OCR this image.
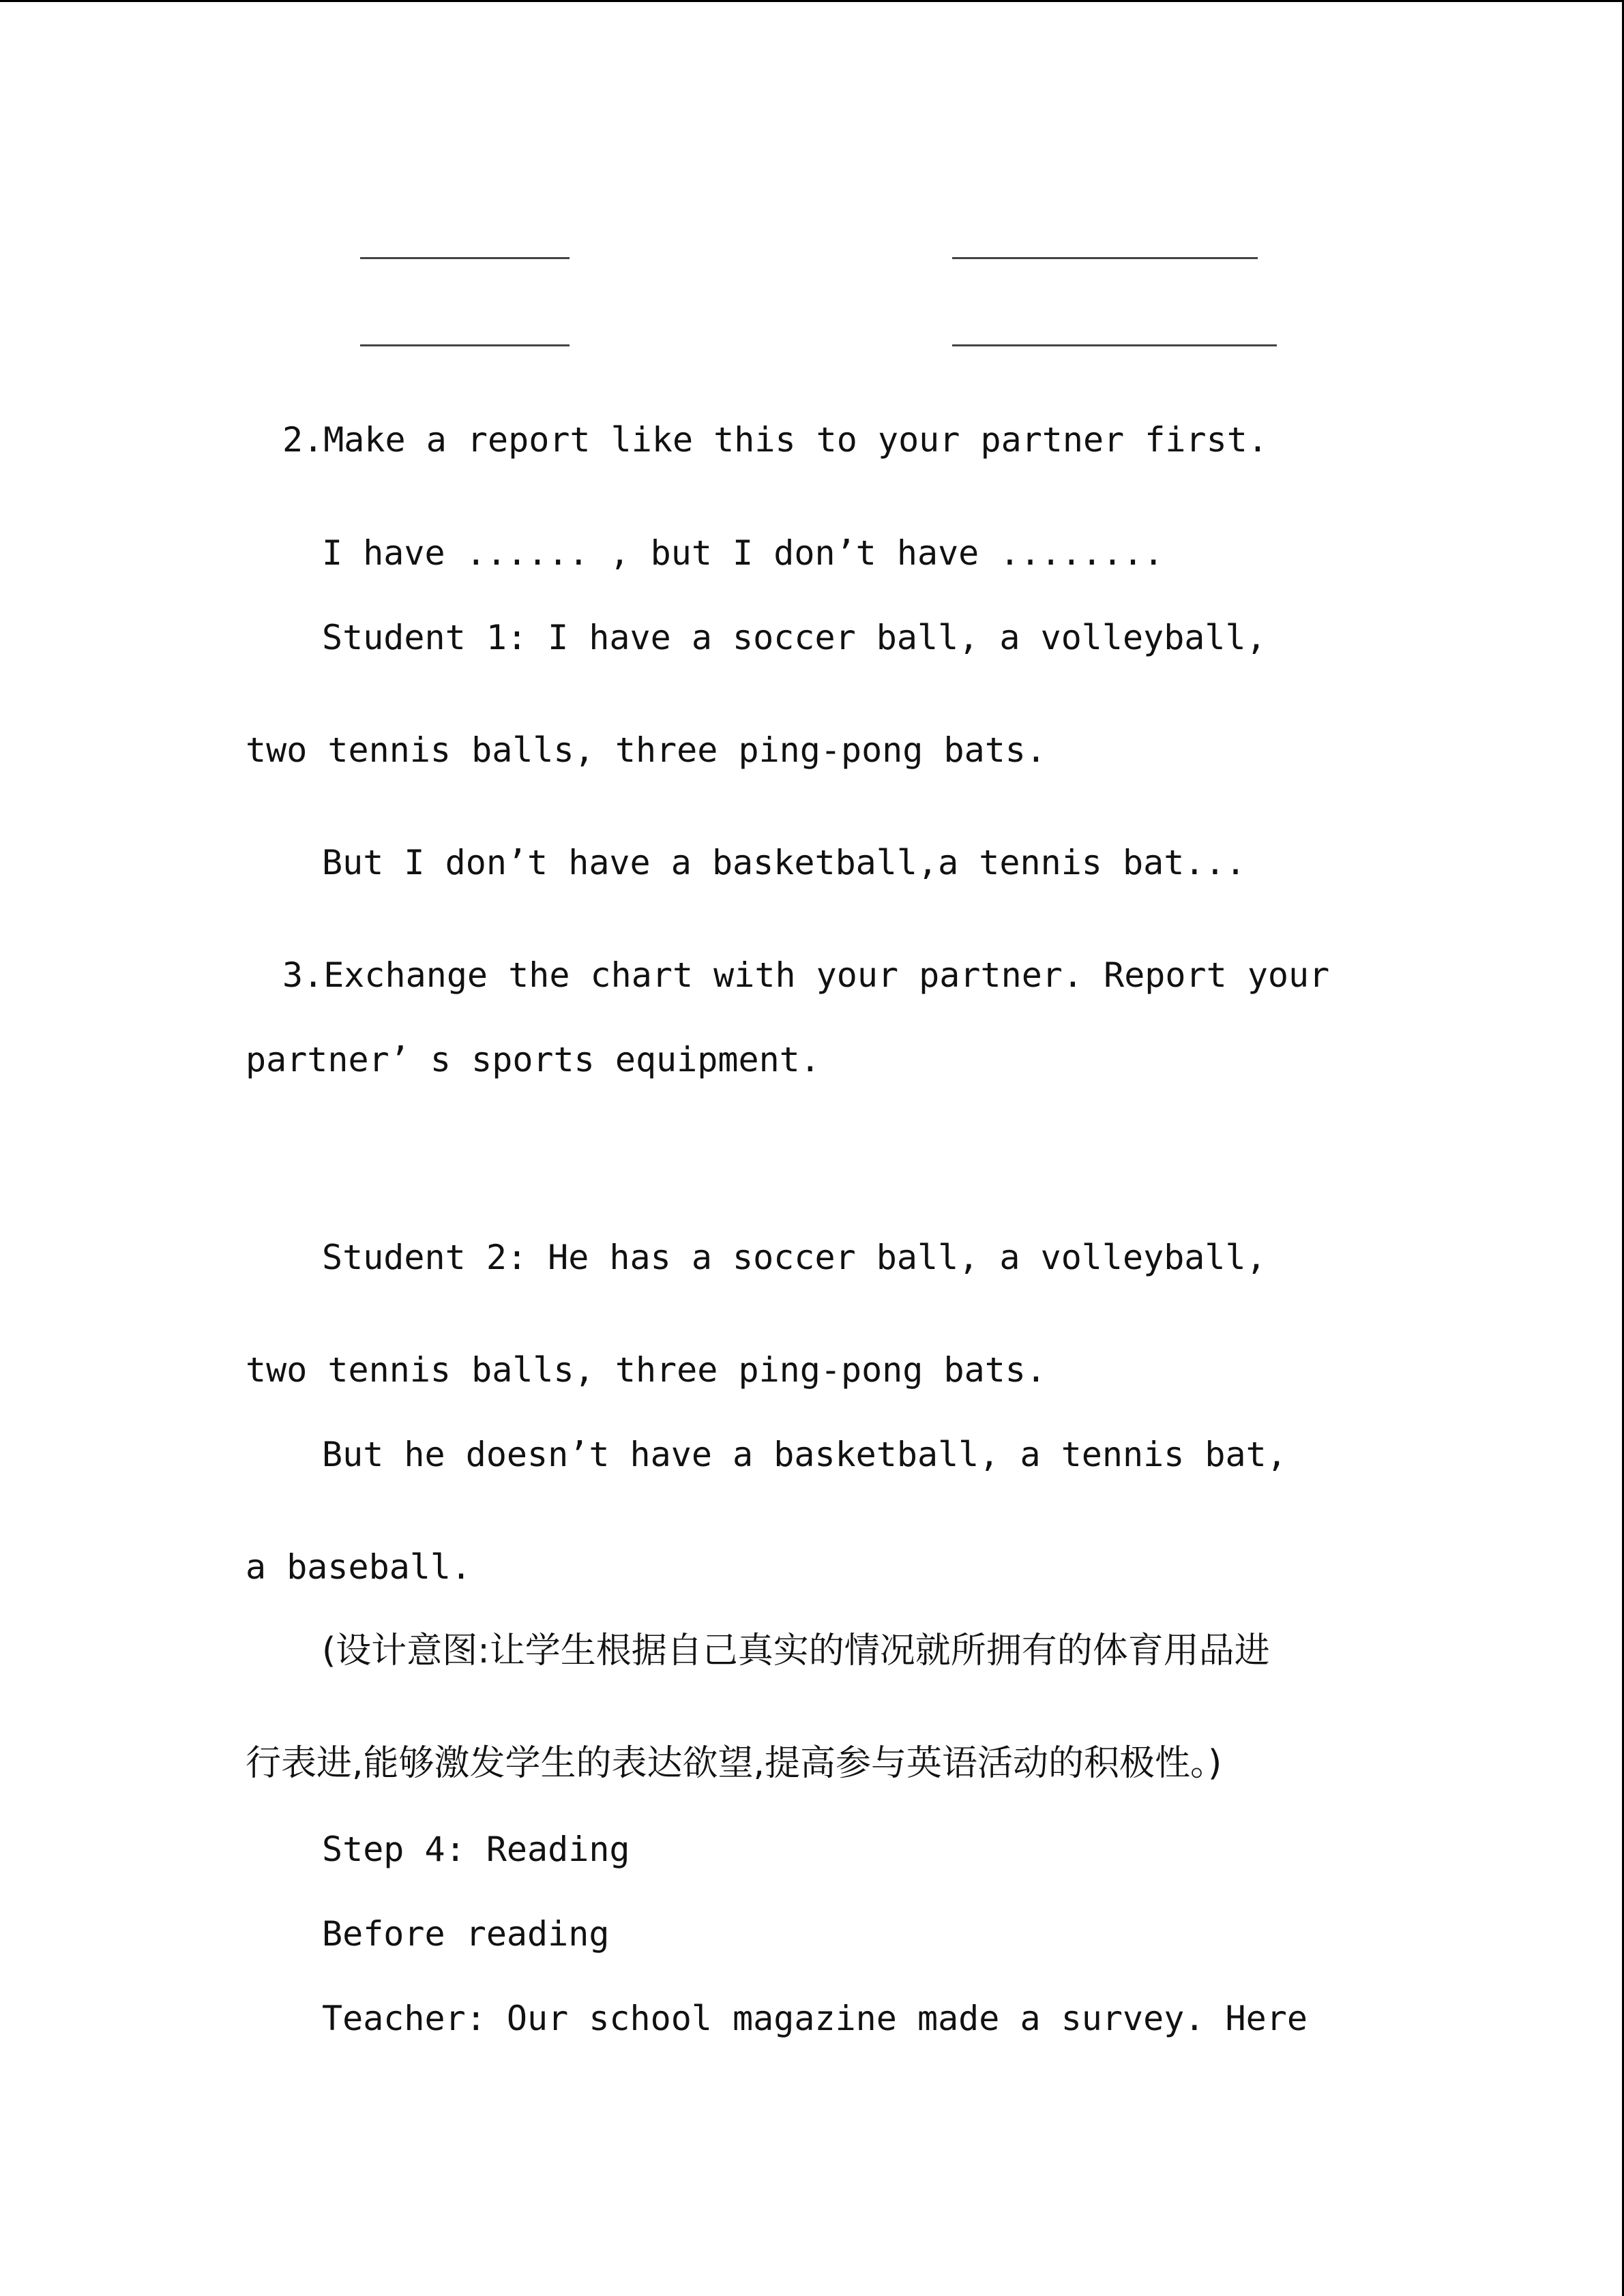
2.Make a report like this to your partner first.
I have ...... , but I don’t have ........
Student 1: I have a soccer ball, a volleyball,
two tennis balls, three ping-pong bats.
But I don’t have a basketball,a tennis bat...
3.Exchange the chart with your partner. Report your
partner’ s sports equipment.
Student 2: He has a soccer ball, a volleyball,
two tennis balls, three ping-pong bats.
But he doesn’t have a basketball, a tennis bat,
a baseball.
(设计意图:让学生根据自己真实的情况就所拥有的体育用品进
行表进,能够激发学生的表达欲望,提高参与英语活动的积极性。)
Step 4: Reading
Before reading
Teacher: Our school magazine made a survey. Here
